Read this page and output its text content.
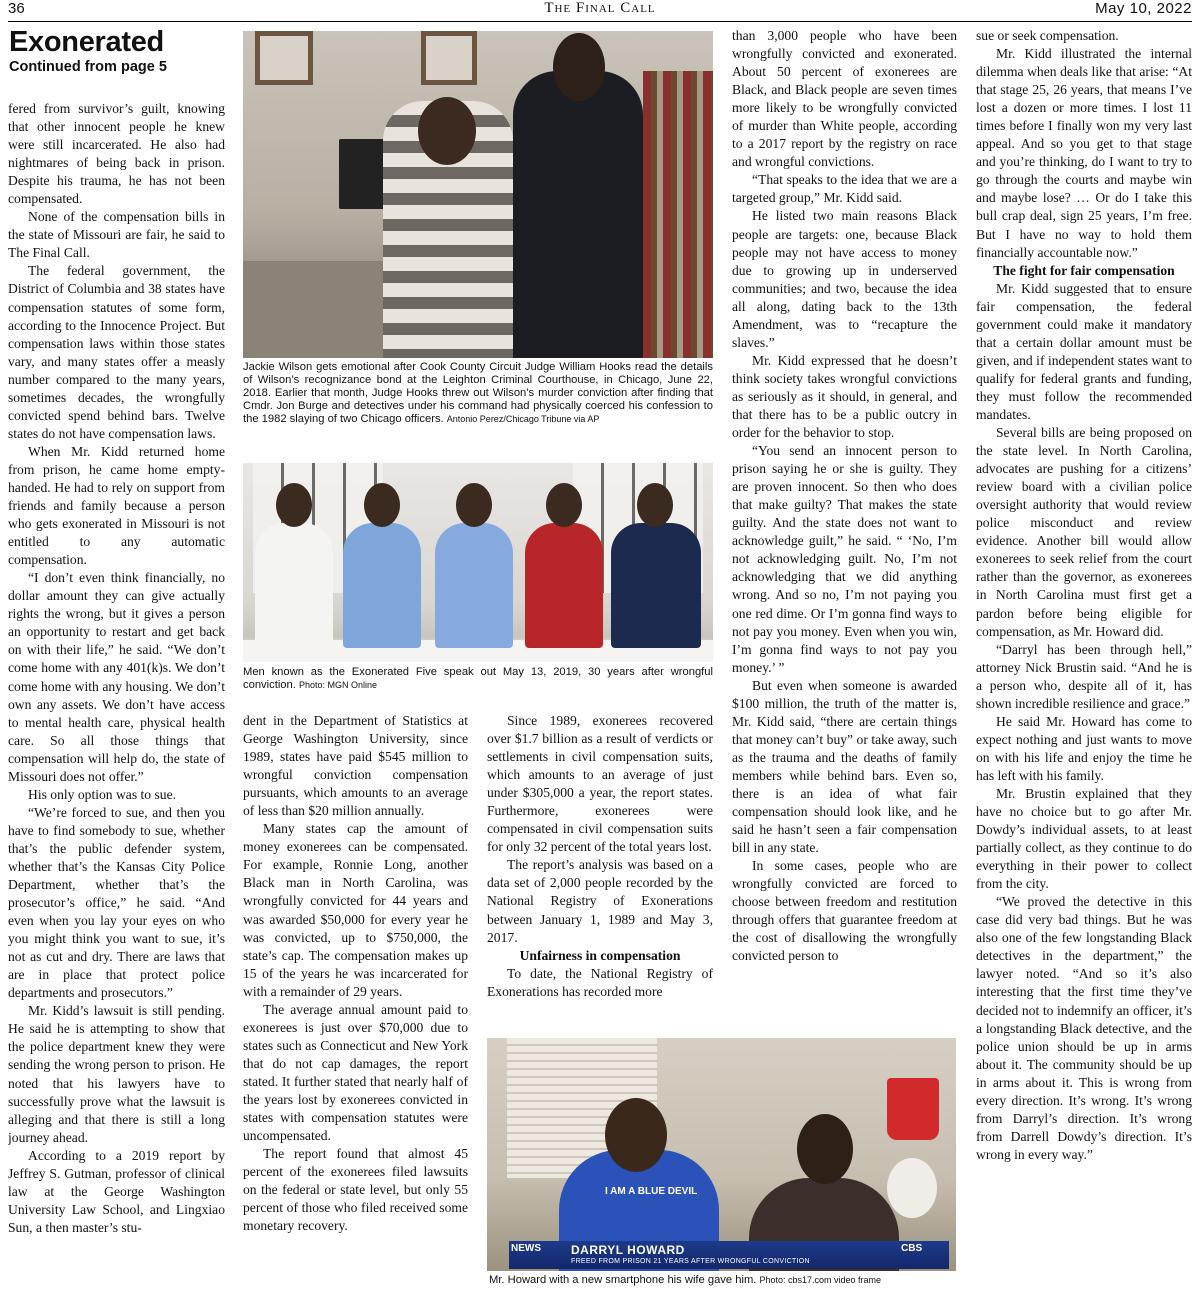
36	The Final Call	May 10, 2022
Exonerated
Continued from page 5

fered from survivor’s guilt, knowing that other innocent people he knew were still incarcerated. He also had nightmares of being back in prison. Despite his trauma, he has not been compensated.

None of the compensation bills in the state of Missouri are fair, he said to The Final Call.

The federal government, the District of Columbia and 38 states have compensation statutes of some form, according to the Innocence Project. But compensation laws within those states vary, and many states offer a measly number compared to the many years, sometimes decades, the wrongfully convicted spend behind bars. Twelve states do not have compensation laws.

When Mr. Kidd returned home from prison, he came home empty-handed. He had to rely on support from friends and family because a person who gets exonerated in Missouri is not entitled to any automatic compensation.

“I don’t even think financially, no dollar amount they can give actually rights the wrong, but it gives a person an opportunity to restart and get back on with their life,” he said. “We don’t come home with any 401(k)s. We don’t come home with any housing. We don’t own any assets. We don’t have access to mental health care, physical health care. So all those things that compensation will help do, the state of Missouri does not offer.”

His only option was to sue.

“We’re forced to sue, and then you have to find somebody to sue, whether that’s the public defender system, whether that’s the Kansas City Police Department, whether that’s the prosecutor’s office,” he said. “And even when you lay your eyes on who you might think you want to sue, it’s not as cut and dry. There are laws that are in place that protect police departments and prosecutors.”

Mr. Kidd’s lawsuit is still pending. He said he is attempting to show that the police department knew they were sending the wrong person to prison. He noted that his lawyers have to successfully prove what the lawsuit is alleging and that there is still a long journey ahead.

According to a 2019 report by Jeffrey S. Gutman, professor of clinical law at the George Washington University Law School, and Lingxiao Sun, a then master’s stu-

Jackie Wilson gets emotional after Cook County Circuit Judge William Hooks read the details of Wilson’s recognizance bond at the Leighton Criminal Courthouse, in Chicago, June 22, 2018. Earlier that month, Judge Hooks threw out Wilson’s murder conviction after finding that Cmdr. Jon Burge and detectives under his command had physically coerced his confession to the 1982 slaying of two Chicago officers. Antonio Perez/Chicago Tribune via AP
Men known as the Exonerated Five speak out May 13, 2019, 30 years after wrongful conviction. Photo: MGN Online

dent in the Department of Statistics at George Washington University, since 1989, states have paid $545 million to wrongful conviction compensation pursuants, which amounts to an average of less than $20 million annually.

Many states cap the amount of money exonerees can be compensated. For example, Ronnie Long, another Black man in North Carolina, was wrongfully convicted for 44 years and was awarded $50,000 for every year he was convicted, up to $750,000, the state’s cap. The compensation makes up 15 of the years he was incarcerated for with a remainder of 29 years.

The average annual amount paid to exonerees is just over $70,000 due to states such as Connecticut and New York that do not cap damages, the report stated. It further stated that nearly half of the years lost by exonerees convicted in states with compensation statutes were uncompensated.

The report found that almost 45 percent of the exonerees filed lawsuits on the federal or state level, but only 55 percent of those who filed received some monetary recovery.

Since 1989, exonerees recovered over $1.7 billion as a result of verdicts or settlements in civil compensation suits, which amounts to an average of just under $305,000 a year, the report states. Furthermore, exonerees were compensated in civil compensation suits for only 32 percent of the total years lost.

The report’s analysis was based on a data set of 2,000 people recorded by the National Registry of Exonerations between January 1, 1989 and May 3, 2017.

Unfairness in compensation

To date, the National Registry of Exonerations has recorded more

than 3,000 people who have been wrongfully convicted and exonerated. About 50 percent of exonerees are Black, and Black people are seven times more likely to be wrongfully convicted of murder than White people, according to a 2017 report by the registry on race and wrongful convictions.

“That speaks to the idea that we are a targeted group,” Mr. Kidd said.

He listed two main reasons Black people are targets: one, because Black people may not have access to money due to growing up in underserved communities; and two, because the idea all along, dating back to the 13th Amendment, was to “recapture the slaves.”

Mr. Kidd expressed that he doesn’t think society takes wrongful convictions as seriously as it should, in general, and that there has to be a public outcry in order for the behavior to stop.

“You send an innocent person to prison saying he or she is guilty. They are proven innocent. So then who does that make guilty? That makes the state guilty. And the state does not want to acknowledge guilt,” he said. “ ‘No, I’m not acknowledging guilt. No, I’m not acknowledging that we did anything wrong. And so no, I’m not paying you one red dime. Or I’m gonna find ways to not pay you money. Even when you win, I’m gonna find ways to not pay you money.’ ”

But even when someone is awarded $100 million, the truth of the matter is, Mr. Kidd said, “there are certain things that money can’t buy” or take away, such as the trauma and the deaths of family members while behind bars. Even so, there is an idea of what fair compensation should look like, and he said he hasn’t seen a fair compensation bill in any state.

In some cases, people who are wrongfully convicted are forced to choose between freedom and restitution through offers that guarantee freedom at the cost of disallowing the wrongfully convicted person to

I AM A BLUE DEVIL
NEWS	DARRYL HOWARD
FREED FROM PRISON 21 YEARS AFTER WRONGFUL CONVICTION
CBS
Mr. Howard with a new smartphone his wife gave him. Photo: cbs17.com video frame

sue or seek compensation.

Mr. Kidd illustrated the internal dilemma when deals like that arise: “At that stage 25, 26 years, that means I’ve lost a dozen or more times. I lost 11 times before I finally won my very last appeal. And so you get to that stage and you’re thinking, do I want to try to go through the courts and maybe win and maybe lose? … Or do I take this bull crap deal, sign 25 years, I’m free. But I have no way to hold them financially accountable now.”

The fight for fair compensation

Mr. Kidd suggested that to ensure fair compensation, the federal government could make it mandatory that a certain dollar amount must be given, and if independent states want to qualify for federal grants and funding, they must follow the recommended mandates.

Several bills are being proposed on the state level. In North Carolina, advocates are pushing for a citizens’ review board with a civilian police oversight authority that would review police misconduct and review evidence. Another bill would allow exonerees to seek relief from the court rather than the governor, as exonerees in North Carolina must first get a pardon before being eligible for compensation, as Mr. Howard did.

“Darryl has been through hell,” attorney Nick Brustin said. “And he is a person who, despite all of it, has shown incredible resilience and grace.”

He said Mr. Howard has come to expect nothing and just wants to move on with his life and enjoy the time he has left with his family.

Mr. Brustin explained that they have no choice but to go after Mr. Dowdy’s individual assets, to at least partially collect, as they continue to do everything in their power to collect from the city.

“We proved the detective in this case did very bad things. But he was also one of the few longstanding Black detectives in the department,” the lawyer noted. “And so it’s also interesting that the first time they’ve decided not to indemnify an officer, it’s a longstanding Black detective, and the police union should be up in arms about it. The community should be up in arms about it. This is wrong from every direction. It’s wrong. It’s wrong from Darryl’s direction. It’s wrong from Darrell Dowdy’s direction. It’s wrong in every way.”
